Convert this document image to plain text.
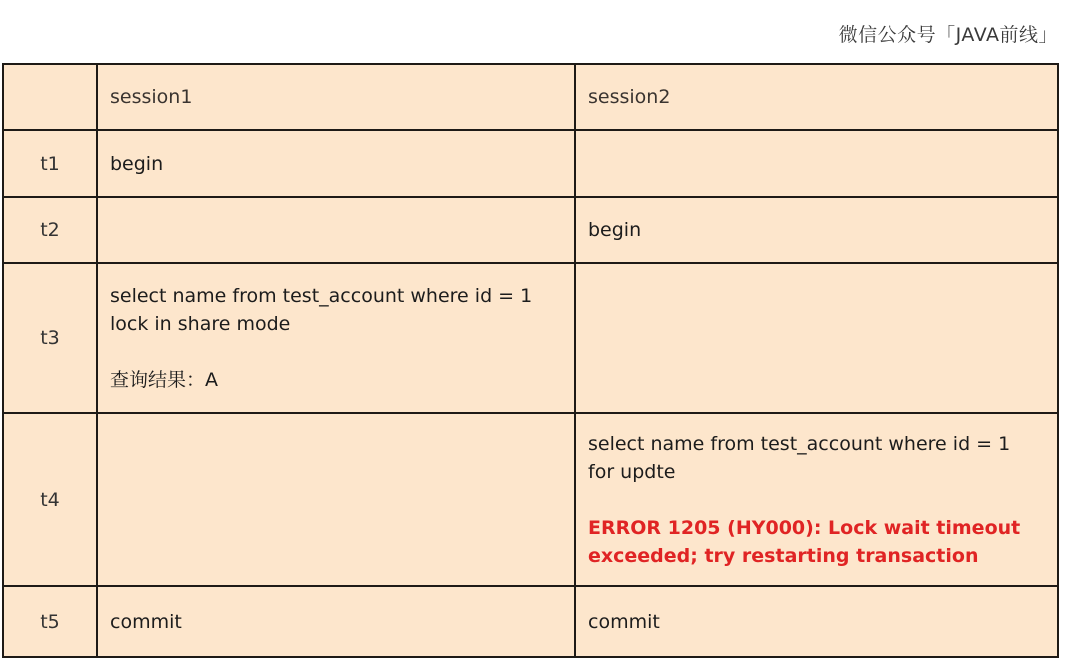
微信公众号「JAVA前线」
	session1	session2
t1	begin	

t2		begin

t3	select name from test_account where id = 1
lock in share mode
查询结果：A	

t4		select name from test_account where id = 1
for updte
ERROR 1205 (HY000): Lock wait timeout
exceeded; try restarting transaction

t5	commit	commit
